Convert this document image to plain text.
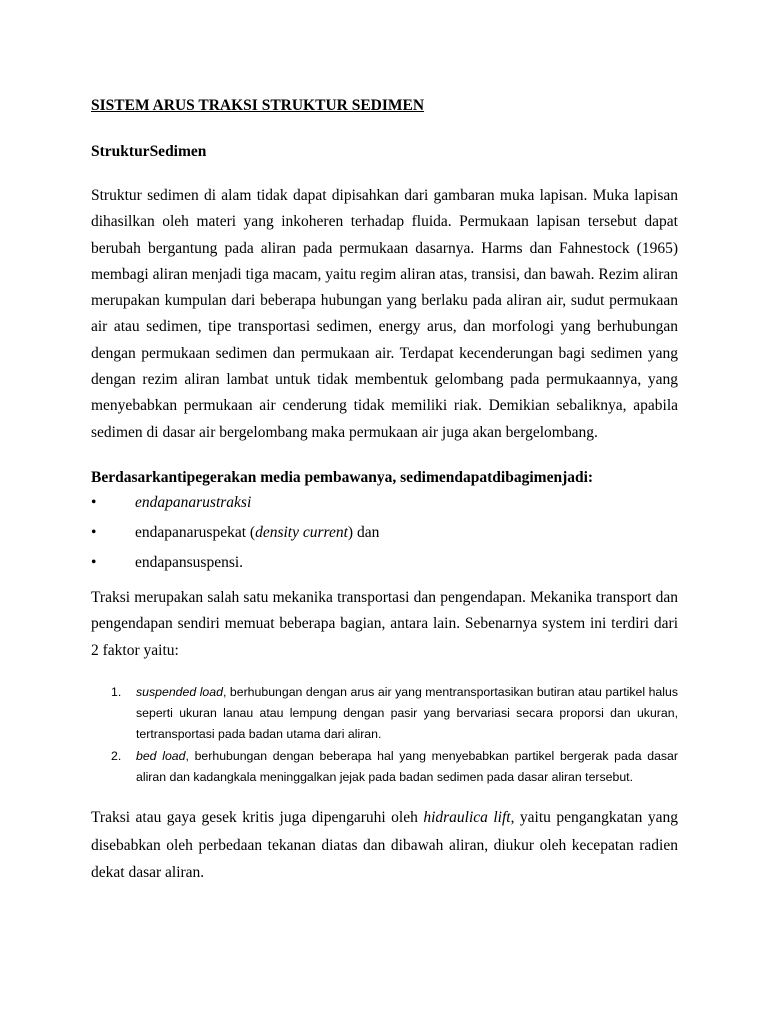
SISTEM ARUS TRAKSI STRUKTUR SEDIMEN

StrukturSedimen

Struktur sedimen di alam tidak dapat dipisahkan dari gambaran muka lapisan. Muka lapisan dihasilkan oleh materi yang inkoheren terhadap fluida. Permukaan lapisan tersebut dapat berubah bergantung pada aliran pada permukaan dasarnya. Harms dan Fahnestock (1965) membagi aliran menjadi tiga macam, yaitu regim aliran atas, transisi, dan bawah. Rezim aliran merupakan kumpulan dari beberapa hubungan yang berlaku pada aliran air, sudut permukaan air atau sedimen, tipe transportasi sedimen, energy arus, dan morfologi yang berhubungan dengan permukaan sedimen dan permukaan air. Terdapat kecenderungan bagi sedimen yang dengan rezim aliran lambat untuk tidak membentuk gelombang pada permukaannya, yang menyebabkan permukaan air cenderung tidak memiliki riak. Demikian sebaliknya, apabila sedimen di dasar air bergelombang maka permukaan air juga akan bergelombang.

Berdasarkantipegerakan media pembawanya, sedimendapatdibagimenjadi:

• endapanarustraksi
• endapanaruspekat (density current) dan
• endapansuspensi.

Traksi merupakan salah satu mekanika transportasi dan pengendapan. Mekanika transport dan pengendapan sendiri memuat beberapa bagian, antara lain. Sebenarnya system ini terdiri dari 2 faktor yaitu:

1. suspended load, berhubungan dengan arus air yang mentransportasikan butiran atau partikel halus seperti ukuran lanau atau lempung dengan pasir yang bervariasi secara proporsi dan ukuran, tertransportasi pada badan utama dari aliran.
2. bed load, berhubungan dengan beberapa hal yang menyebabkan partikel bergerak pada dasar aliran dan kadangkala meninggalkan jejak pada badan sedimen pada dasar aliran tersebut.

Traksi atau gaya gesek kritis juga dipengaruhi oleh hidraulica lift, yaitu pengangkatan yang disebabkan oleh perbedaan tekanan diatas dan dibawah aliran, diukur oleh kecepatan radien dekat dasar aliran.
